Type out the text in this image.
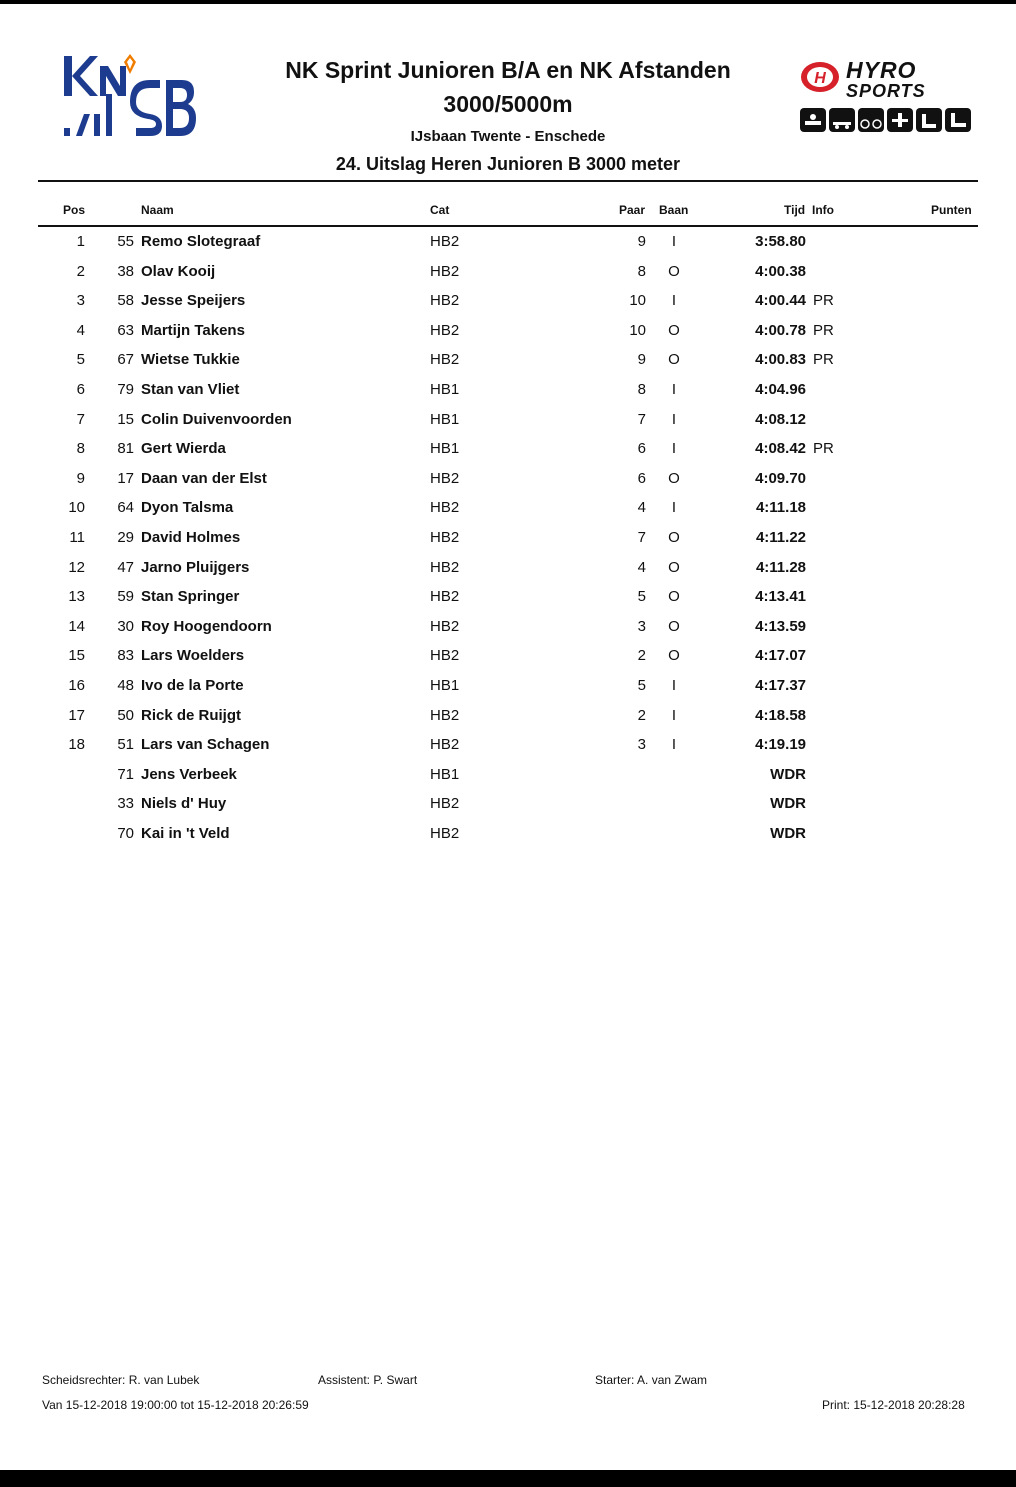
NK Sprint Junioren B/A en NK Afstanden
3000/5000m
IJsbaan Twente - Enschede
24. Uitslag Heren Junioren B 3000 meter
H HYRO
SPORTS
Pos	Naam	Cat	Paar Baan	Tijd Info	Punten
1	55 Remo Slotegraaf	HB2	9	I	3:58.80
2	38 Olav Kooij	HB2	8 O	4:00.38
3	58 Jesse Speijers	HB2	10	I	4:00.44 PR
4	63 Martijn Takens	HB2	10 O	4:00.78 PR
5	67 Wietse Tukkie	HB2	9 O	4:00.83 PR
6	79 Stan van Vliet	HB1	8	I	4:04.96
7	15 Colin Duivenvoorden	HB1	7	I	4:08.12
8	81 Gert Wierda	HB1	6	I	4:08.42 PR
9	17 Daan van der Elst	HB2	6 O	4:09.70
10	64 Dyon Talsma	HB2	4	I	4:11.18
11	29 David Holmes	HB2	7 O	4:11.22
12	47 Jarno Pluijgers	HB2	4 O	4:11.28
13	59 Stan Springer	HB2	5 O	4:13.41
14	30 Roy Hoogendoorn	HB2	3 O	4:13.59
15	83 Lars Woelders	HB2	2 O	4:17.07
16	48 Ivo de la Porte	HB1	5	I	4:17.37
17	50 Rick de Ruijgt	HB2	2	I	4:18.58
18	51 Lars van Schagen	HB2	3	I	4:19.19
71 Jens Verbeek	HB1	WDR
33 Niels d' Huy	HB2	WDR
70 Kai in 't Veld	HB2	WDR
Scheidsrechter: R. van Lubek	Assistent: P. Swart	Starter: A. van Zwam
Van 15-12-2018 19:00:00 tot 15-12-2018 20:26:59	Print: 15-12-2018 20:28:28
